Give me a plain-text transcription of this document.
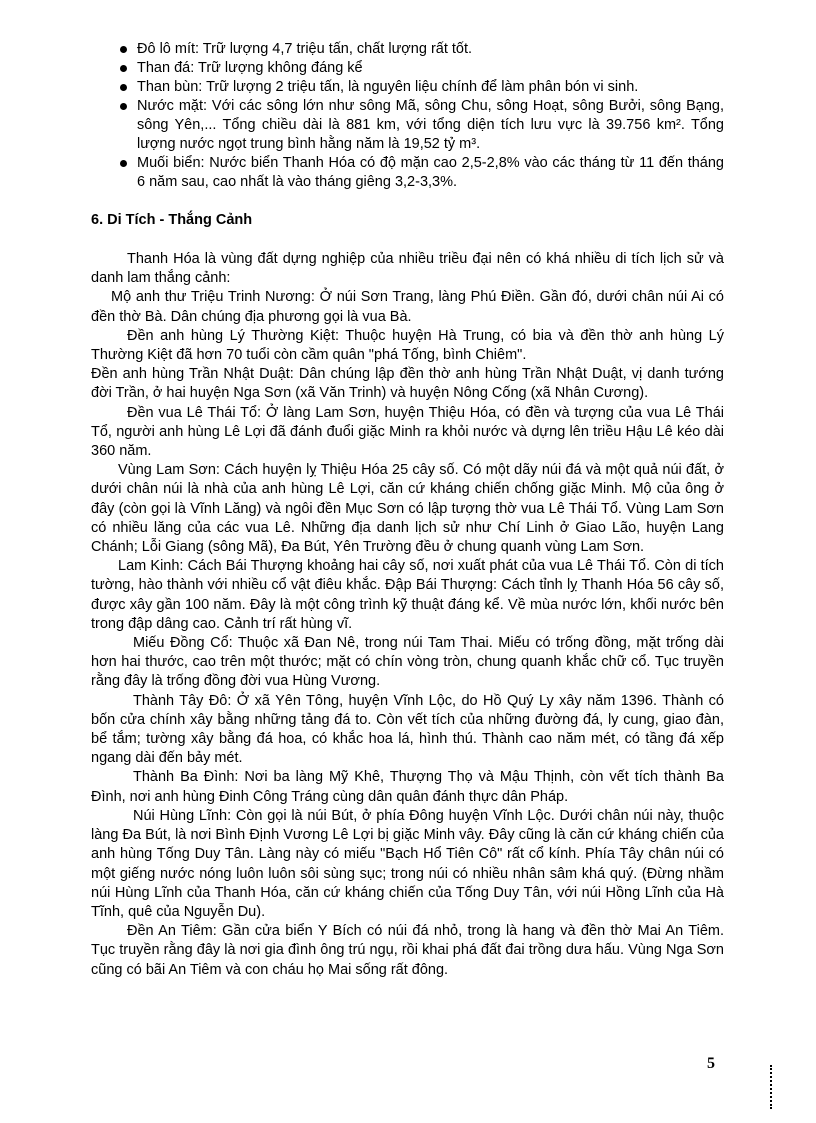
Đô lô mít: Trữ lượng 4,7 triệu tấn, chất lượng rất tốt.
Than đá: Trữ lượng không đáng kể
Than bùn: Trữ lượng 2 triệu tấn, là nguyên liệu chính để làm phân bón vi sinh.
Nước mặt: Với các sông lớn như sông Mã, sông Chu, sông Hoạt, sông Bưởi, sông Bạng, sông Yên,... Tổng chiều dài là 881 km, với tổng diện tích lưu vực là 39.756 km². Tổng lượng nước ngọt trung bình hằng năm là 19,52 tỷ m³.
Muối biển: Nước biển Thanh Hóa có độ mặn cao 2,5-2,8% vào các tháng từ 11 đến tháng 6 năm sau, cao nhất là vào tháng giêng 3,2-3,3%.
6. Di Tích - Thắng Cảnh

Thanh Hóa là vùng đất dựng nghiệp của nhiều triều đại nên có khá nhiều di tích lịch sử và danh lam thắng cảnh:

Mộ anh thư Triệu Trinh Nương: Ở núi Sơn Trang, làng Phú Điền. Gần đó, dưới chân núi Ai có đền thờ Bà. Dân chúng địa phương gọi là vua Bà.

Đền anh hùng Lý Thường Kiệt: Thuộc huyện Hà Trung, có bia và đền thờ anh hùng Lý Thường Kiệt đã hơn 70 tuổi còn cầm quân "phá Tống, bình Chiêm".

Đền anh hùng Trần Nhật Duật: Dân chúng lập đền thờ anh hùng Trần Nhật Duật, vị danh tướng đời Trần, ở hai huyện Nga Sơn (xã Văn Trinh) và huyện Nông Cống (xã Nhân Cương).

Đền vua Lê Thái Tổ: Ở làng Lam Sơn, huyện Thiệu Hóa, có đền và tượng của vua Lê Thái Tổ, người anh hùng Lê Lợi đã đánh đuổi giặc Minh ra khỏi nước và dựng lên triều Hậu Lê kéo dài 360 năm.

Vùng Lam Sơn: Cách huyện lỵ Thiệu Hóa 25 cây số. Có một dãy núi đá và một quả núi đất, ở dưới chân núi là nhà của anh hùng Lê Lợi, căn cứ kháng chiến chống giặc Minh. Mộ của ông ở đây (còn gọi là Vĩnh Lăng) và ngôi đền Mục Sơn có lập tượng thờ vua Lê Thái Tổ. Vùng Lam Sơn có nhiều lăng của các vua Lê. Những địa danh lịch sử như Chí Linh ở Giao Lão, huyện Lang Chánh; Lỗi Giang (sông Mã), Đa Bút, Yên Trường đều ở chung quanh vùng Lam Sơn.

Lam Kinh: Cách Bái Thượng khoảng hai cây số, nơi xuất phát của vua Lê Thái Tổ. Còn di tích tường, hào thành với nhiều cổ vật điêu khắc. Đập Bái Thượng: Cách tỉnh lỵ Thanh Hóa 56 cây số, được xây gần 100 năm. Đây là một công trình kỹ thuật đáng kể. Về mùa nước lớn, khối nước bên trong đập dâng cao. Cảnh trí rất hùng vĩ.

Miếu Đồng Cổ: Thuộc xã Đan Nê, trong núi Tam Thai. Miếu có trống đồng, mặt trống dài hơn hai thước, cao trên một thước; mặt có chín vòng tròn, chung quanh khắc chữ cổ. Tục truyền rằng đây là trống đồng đời vua Hùng Vương.

Thành Tây Đô: Ở xã Yên Tông, huyện Vĩnh Lộc, do Hồ Quý Ly xây năm 1396. Thành có bốn cửa chính xây bằng những tảng đá to. Còn vết tích của những đường đá, ly cung, giao đàn, bể tắm; tường xây bằng đá hoa, có khắc hoa lá, hình thú. Thành cao năm mét, có tầng đá xếp ngang dài đến bảy mét.

Thành Ba Đình: Nơi ba làng Mỹ Khê, Thượng Thọ và Mậu Thịnh, còn vết tích thành Ba Đình, nơi anh hùng Đinh Công Tráng cùng dân quân đánh thực dân Pháp.

Núi Hùng Lĩnh: Còn gọi là núi Bút, ở phía Đông huyện Vĩnh Lộc. Dưới chân núi này, thuộc làng Đa Bút, là nơi Bình Định Vương Lê Lợi bị giặc Minh vây. Đây cũng là căn cứ kháng chiến của anh hùng Tống Duy Tân. Làng này có miếu "Bạch Hổ Tiên Cô" rất cổ kính. Phía Tây chân núi có một giếng nước nóng luôn luôn sôi sùng sục; trong núi có nhiều nhân sâm khá quý. (Đừng nhầm núi Hùng Lĩnh của Thanh Hóa, căn cứ kháng chiến của Tống Duy Tân, với núi Hồng Lĩnh của Hà Tĩnh, quê của Nguyễn Du).

Đền An Tiêm: Gần cửa biển Y Bích có núi đá nhỏ, trong là hang và đền thờ Mai An Tiêm. Tục truyền rằng đây là nơi gia đình ông trú ngụ, rồi khai phá đất đai trồng dưa hấu. Vùng Nga Sơn cũng có bãi An Tiêm và con cháu họ Mai sống rất đông.

5
